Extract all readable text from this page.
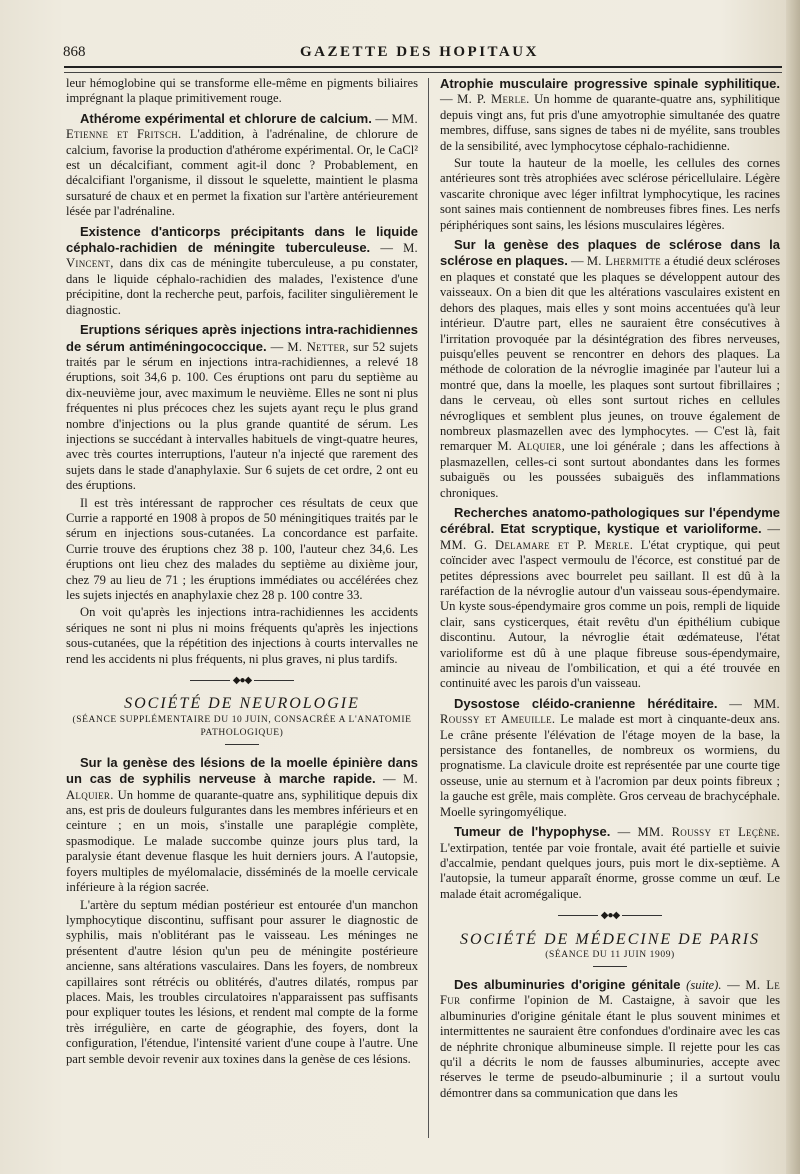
868	GAZETTE DES HOPITAUX

leur hémoglobine qui se transforme elle-même en pigments biliaires imprégnant la plaque primitivement rouge.

Athérome expérimental et chlorure de calcium. — MM. Etienne et Fritsch. L'addition, à l'adrénaline, de chlorure de calcium, favorise la production d'athérome expérimental. Or, le CaCl² est un décalcifiant, comment agit-il donc ? Probablement, en décalcifiant l'organisme, il dissout le squelette, maintient le plasma sursaturé de chaux et en permet la fixation sur l'artère antérieurement lésée par l'adrénaline.

Existence d'anticorps précipitants dans le liquide céphalo-rachidien de méningite tuberculeuse. — M. Vincent, dans dix cas de méningite tuberculeuse, a pu constater, dans le liquide céphalo-rachidien des malades, l'existence d'une précipitine, dont la recherche peut, parfois, faciliter singulièrement le diagnostic.

Eruptions sériques après injections intra-rachidiennes de sérum antiméningococcique. — M. Netter, sur 52 sujets traités par le sérum en injections intra-rachidiennes, a relevé 18 éruptions, soit 34,6 p. 100. Ces éruptions ont paru du septième au dix-neuvième jour, avec maximum le neuvième. Elles ne sont ni plus fréquentes ni plus précoces chez les sujets ayant reçu le plus grand nombre d'injections ou la plus grande quantité de sérum. Les injections se succédant à intervalles habituels de vingt-quatre heures, avec très courtes interruptions, l'auteur n'a injecté que rarement des sujets dans le stade d'anaphylaxie. Sur 6 sujets de cet ordre, 2 ont eu des éruptions.

Il est très intéressant de rapprocher ces résultats de ceux que Currie a rapporté en 1908 à propos de 50 méningitiques traités par le sérum en injections sous-cutanées. La concordance est parfaite. Currie trouve des éruptions chez 38 p. 100, l'auteur chez 34,6. Les éruptions ont lieu chez des malades du septième au dixième jour, chez 79 au lieu de 71 ; les éruptions immédiates ou accélérées chez les sujets injectés en anaphylaxie chez 28 p. 100 contre 33.

On voit qu'après les injections intra-rachidiennes les accidents sériques ne sont ni plus ni moins fréquents qu'après les injections sous-cutanées, que la répétition des injections à courts intervalles ne rend les accidents ni plus fréquents, ni plus graves, ni plus tardifs.

◆●◆
SOCIÉTÉ DE NEUROLOGIE
(SÉANCE SUPPLÉMENTAIRE DU 10 JUIN, CONSACRÉE A L'ANATOMIE PATHOLOGIQUE)

Sur la genèse des lésions de la moelle épinière dans un cas de syphilis nerveuse à marche rapide. — M. Alquier. Un homme de quarante-quatre ans, syphilitique depuis dix ans, est pris de douleurs fulgurantes dans les membres inférieurs et en ceinture ; en un mois, s'installe une paraplégie complète, spasmodique. Le malade succombe quinze jours plus tard, la paralysie étant devenue flasque les huit derniers jours. A l'autopsie, foyers multiples de myélomalacie, disséminés de la moelle cervicale inférieure à la région sacrée.

L'artère du septum médian postérieur est entourée d'un manchon lymphocytique discontinu, suffisant pour assurer le diagnostic de syphilis, mais n'oblitérant pas le vaisseau. Les méninges ne présentent d'autre lésion qu'un peu de méningite postérieure ancienne, sans altérations vasculaires. Dans les foyers, de nombreux capillaires sont rétrécis ou oblitérés, d'autres dilatés, rompus par places. Mais, les troubles circulatoires n'apparaissent pas suffisants pour expliquer toutes les lésions, et rendent mal compte de la forme très irrégulière, en carte de géographie, des foyers, dont la configuration, l'étendue, l'intensité varient d'une coupe à l'autre. Une part semble devoir revenir aux toxines dans la genèse de ces lésions.

Atrophie musculaire progressive spinale syphilitique. — M. P. Merle. Un homme de quarante-quatre ans, syphilitique depuis vingt ans, fut pris d'une amyotrophie simultanée des quatre membres, diffuse, sans signes de tabes ni de myélite, sans troubles de la sensibilité, avec lymphocytose céphalo-rachidienne.

Sur toute la hauteur de la moelle, les cellules des cornes antérieures sont très atrophiées avec sclérose péricellulaire. Légère vascarite chronique avec léger infiltrat lymphocytique, les racines sont saines mais contiennent de nombreuses fibres fines. Les nerfs périphériques sont sains, les lésions musculaires légères.

Sur la genèse des plaques de sclérose dans la sclérose en plaques. — M. Lhermitte a étudié deux scléroses en plaques et constaté que les plaques se développent autour des vaisseaux. On a bien dit que les altérations vasculaires existent en dehors des plaques, mais elles y sont moins accentuées qu'à leur intérieur. D'autre part, elles ne sauraient être consécutives à l'irritation provoquée par la désintégration des fibres nerveuses, puisqu'elles peuvent se rencontrer en dehors des plaques. La méthode de coloration de la névroglie imaginée par l'auteur lui a montré que, dans la moelle, les plaques sont surtout fibrillaires ; dans le cerveau, où elles sont surtout riches en cellules névrogliques et semblent plus jeunes, on trouve également de nombreux plasmazellen avec des lymphocytes. — C'est là, fait remarquer M. Alquier, une loi générale ; dans les affections à plasmazellen, celles-ci sont surtout abondantes dans les formes subaiguës ou les poussées subaiguës des inflammations chroniques.

Recherches anatomo-pathologiques sur l'épendyme cérébral. Etat scryptique, kystique et varioliforme. — MM. G. Delamare et P. Merle. L'état cryptique, qui peut coïncider avec l'aspect vermoulu de l'écorce, est constitué par de petites dépressions avec bourrelet peu saillant. Il est dû à la raréfaction de la névroglie autour d'un vaisseau sous-épendymaire. Un kyste sous-épendymaire gros comme un pois, rempli de liquide clair, sans cysticerques, était revêtu d'un épithélium cubique discontinu. Autour, la névroglie était œdémateuse, l'état varioliforme est dû à une plaque fibreuse sous-épendymaire, amincie au niveau de l'ombilication, et qui a été trouvée en continuité avec les parois d'un vaisseau.

Dysostose cléido-cranienne héréditaire. — MM. Roussy et Ameuille. Le malade est mort à cinquante-deux ans. Le crâne présente l'élévation de l'étage moyen de la base, la persistance des fontanelles, de nombreux os wormiens, du prognatisme. La clavicule droite est représentée par une courte tige osseuse, unie au sternum et à l'acromion par deux points fibreux ; la gauche est grêle, mais complète. Gros cerveau de brachycéphale. Moelle syringomyélique.

Tumeur de l'hypophyse. — MM. Roussy et Leçène. L'extirpation, tentée par voie frontale, avait été partielle et suivie d'accalmie, pendant quelques jours, puis mort le dix-septième. A l'autopsie, la tumeur apparaît énorme, grosse comme un œuf. Le malade était acromégalique.

◆●◆
SOCIÉTÉ DE MÉDECINE DE PARIS
(SÉANCE DU 11 JUIN 1909)

Des albuminuries d'origine génitale (suite). — M. Le Fur confirme l'opinion de M. Castaigne, à savoir que les albuminuries d'origine génitale étant le plus souvent minimes et intermittentes ne sauraient être confondues d'ordinaire avec les cas de néphrite chronique albumineuse simple. Il rejette pour les cas qu'il a décrits le nom de fausses albuminuries, accepte avec réserves le terme de pseudo-albuminurie ; il a surtout voulu démontrer dans sa communication que dans les
